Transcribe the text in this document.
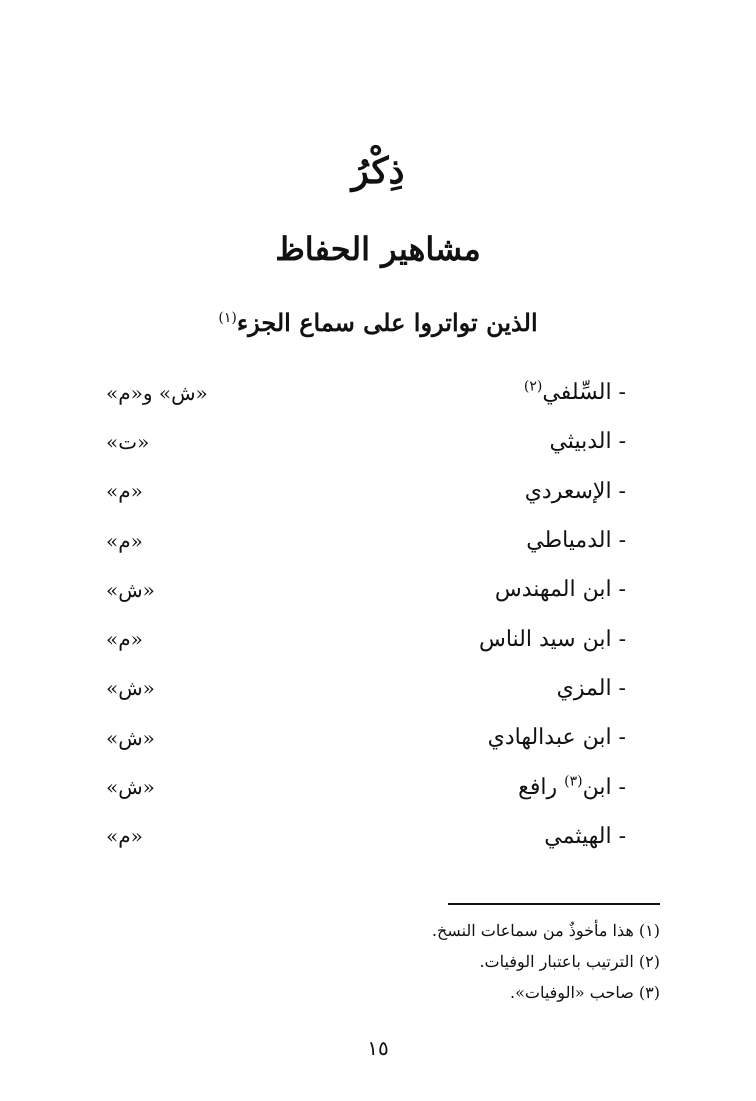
ذِكْرُ
مشاهير الحفاظ
الذين تواتروا على سماع الجزء$^{(١)}$
- السِّلفي$^{(٢)}$
«ش» و«م»
- الدبيثي
«ت»
- الإسعردي
«م»
- الدمياطي
«م»
- ابن المهندس
«ش»
- ابن سيد الناس
«م»
- المزي
«ش»
- ابن عبدالهادي
«ش»
- ابن$^{(٣)}$ رافع
«ش»
- الهيثمي
«م»
(١) هذا مأخوذٌ من سماعات النسخ.
(٢) الترتيب باعتبار الوفيات.
(٣) صاحب «الوفيات».
١٥
